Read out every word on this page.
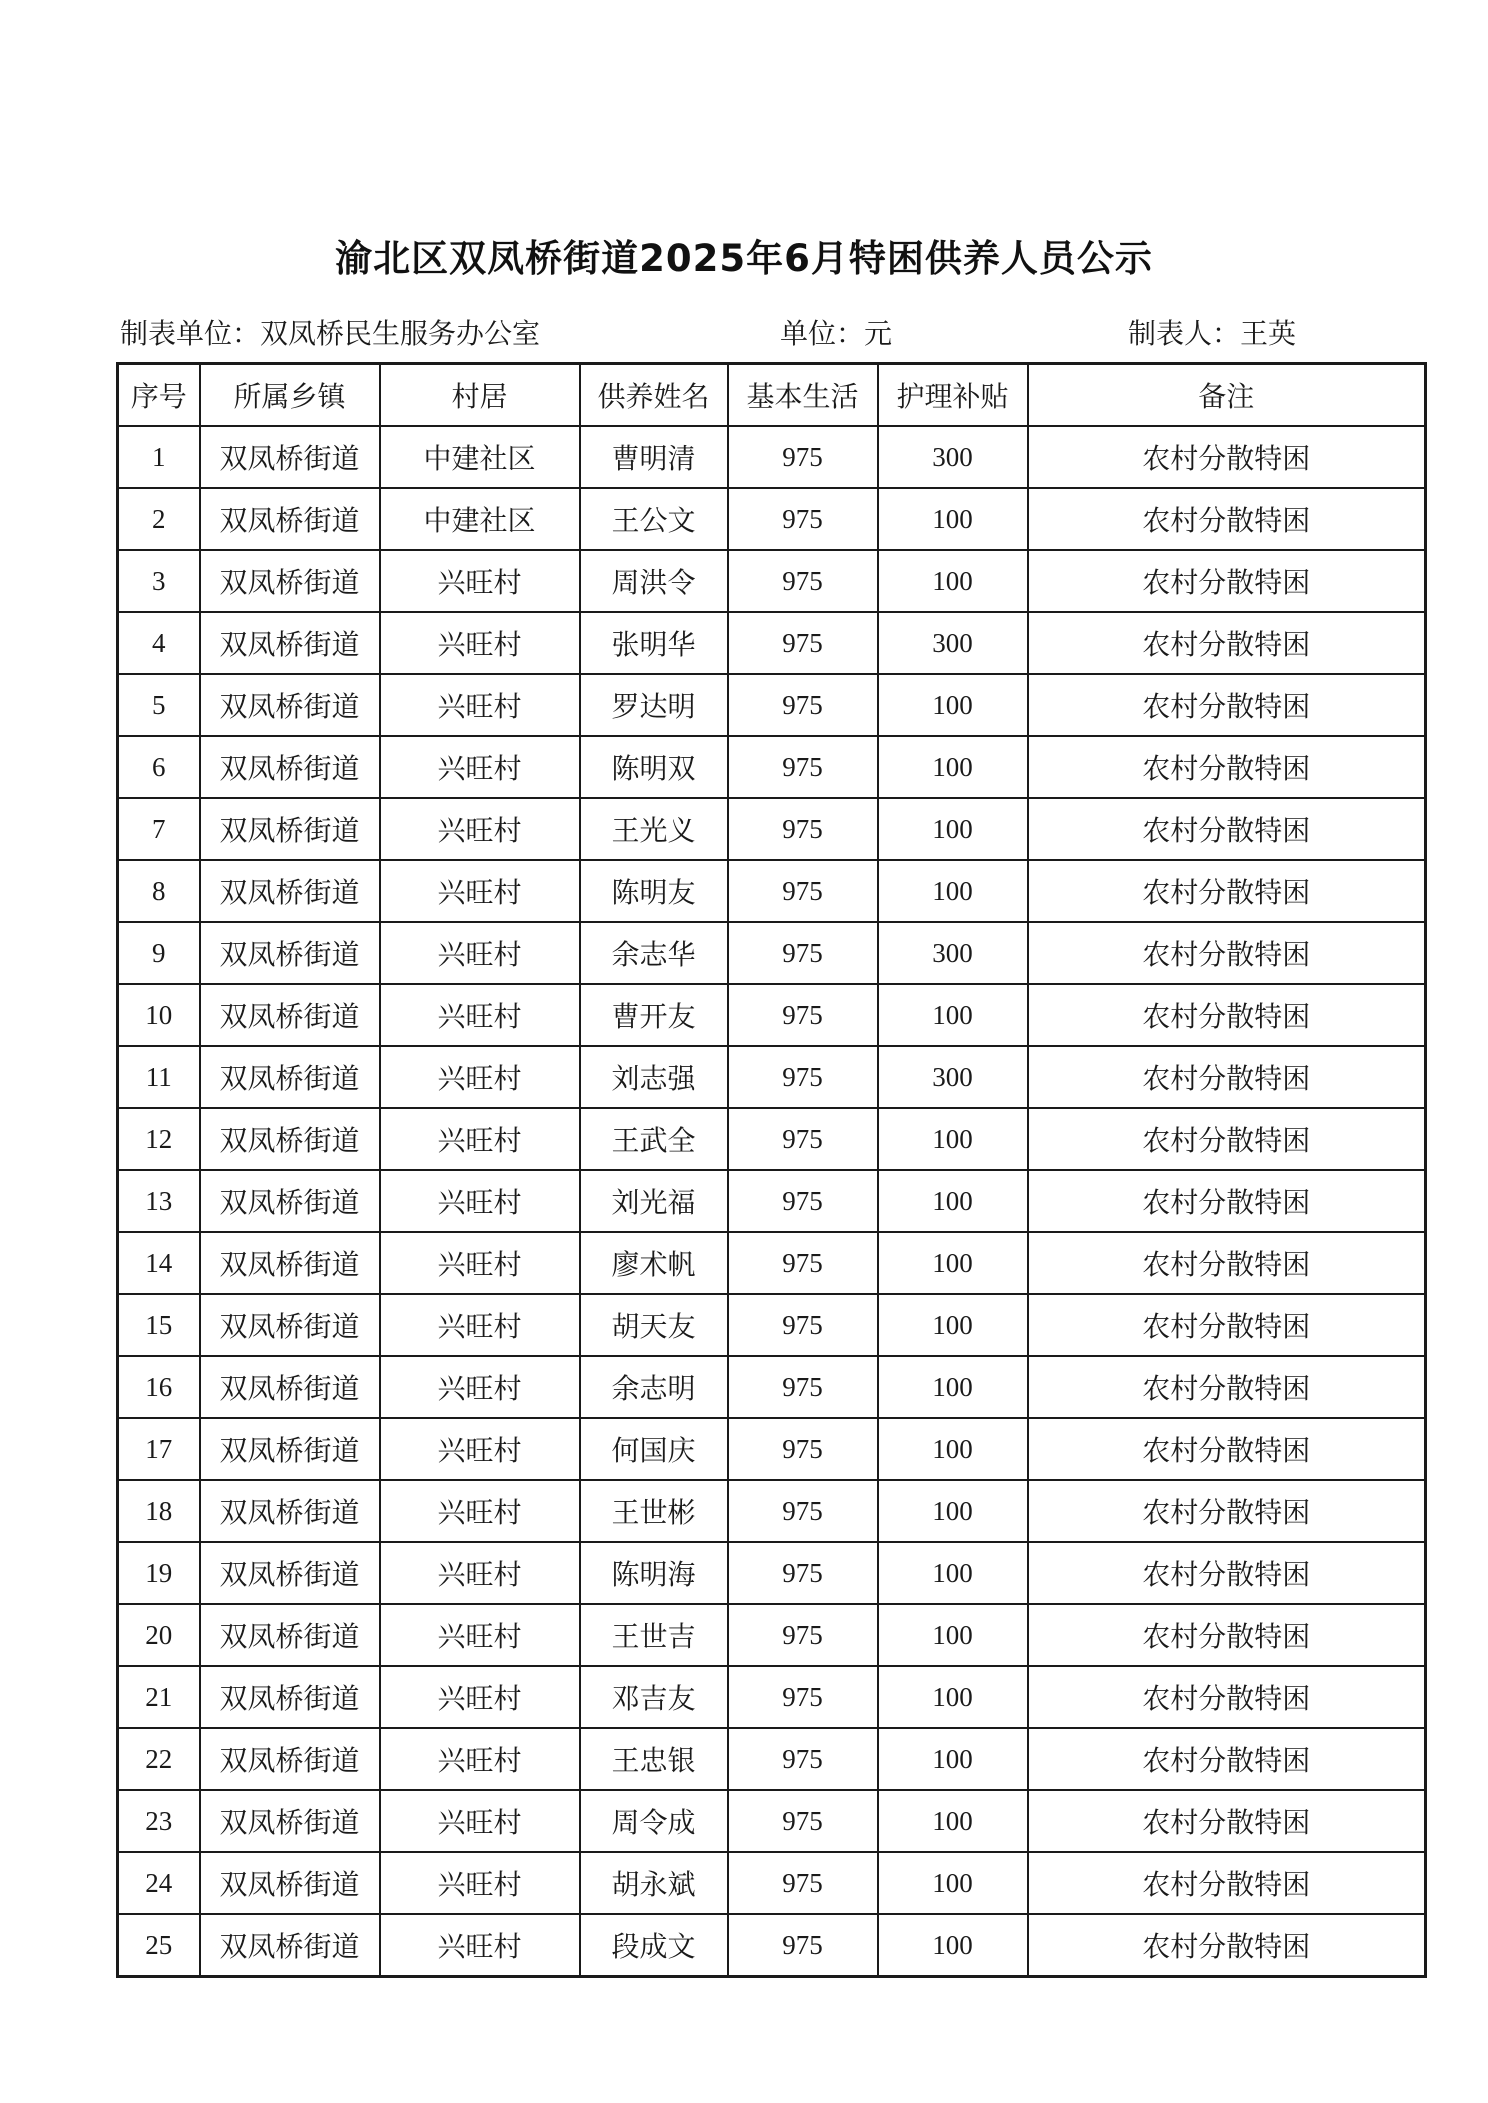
渝北区双凤桥街道2025年6月特困供养人员公示
制表单位：双凤桥民生服务办公室	单位：元	制表人：王英
序号	所属乡镇	村居	供养姓名	基本生活	护理补贴	备注
1	双凤桥街道	中建社区	曹明清	975	300	农村分散特困
2	双凤桥街道	中建社区	王公文	975	100	农村分散特困
3	双凤桥街道	兴旺村	周洪令	975	100	农村分散特困
4	双凤桥街道	兴旺村	张明华	975	300	农村分散特困
5	双凤桥街道	兴旺村	罗达明	975	100	农村分散特困
6	双凤桥街道	兴旺村	陈明双	975	100	农村分散特困
7	双凤桥街道	兴旺村	王光义	975	100	农村分散特困
8	双凤桥街道	兴旺村	陈明友	975	100	农村分散特困
9	双凤桥街道	兴旺村	余志华	975	300	农村分散特困
10	双凤桥街道	兴旺村	曹开友	975	100	农村分散特困
11	双凤桥街道	兴旺村	刘志强	975	300	农村分散特困
12	双凤桥街道	兴旺村	王武全	975	100	农村分散特困
13	双凤桥街道	兴旺村	刘光福	975	100	农村分散特困
14	双凤桥街道	兴旺村	廖术帆	975	100	农村分散特困
15	双凤桥街道	兴旺村	胡天友	975	100	农村分散特困
16	双凤桥街道	兴旺村	余志明	975	100	农村分散特困
17	双凤桥街道	兴旺村	何国庆	975	100	农村分散特困
18	双凤桥街道	兴旺村	王世彬	975	100	农村分散特困
19	双凤桥街道	兴旺村	陈明海	975	100	农村分散特困
20	双凤桥街道	兴旺村	王世吉	975	100	农村分散特困
21	双凤桥街道	兴旺村	邓吉友	975	100	农村分散特困
22	双凤桥街道	兴旺村	王忠银	975	100	农村分散特困
23	双凤桥街道	兴旺村	周令成	975	100	农村分散特困
24	双凤桥街道	兴旺村	胡永斌	975	100	农村分散特困
25	双凤桥街道	兴旺村	段成文	975	100	农村分散特困
